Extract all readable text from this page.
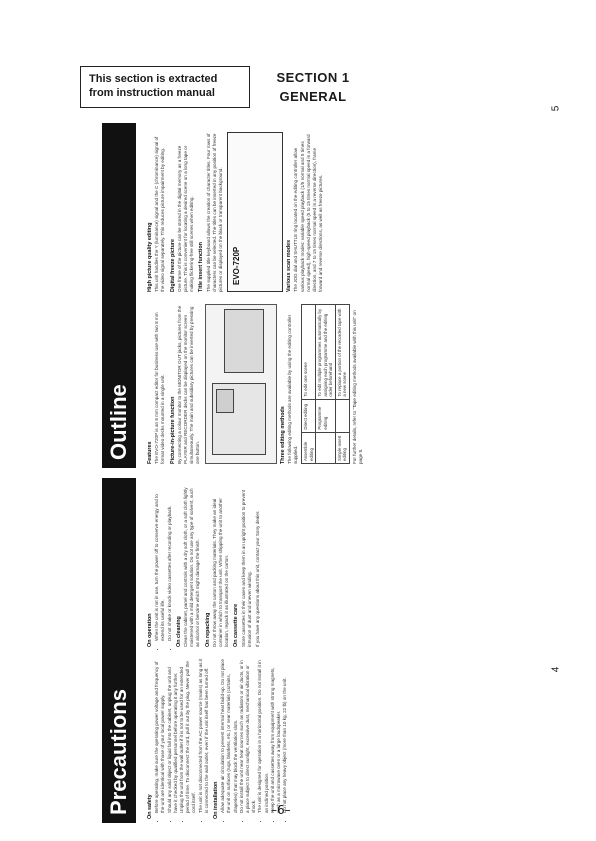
This section is extracted from instruction manual
SECTION 1
GENERAL
Precautions	On safety • Before operating, make sure the operating power voltage and frequency of the unit are identical with those of your local power supply. • Should any solid object or liquid fall into the cabinet, unplug the unit and have it checked by qualified personnel before operating it any further. • Unplug the unit from the wall outlet if it is not to be used for an extended period of time. To disconnect the cord, pull it out by the plug. Never pull the cord itself. • The unit is not disconnected from the AC power source (mains) as long as it is connected to the wall outlet, even if the unit itself has been turned off. On installation • Allow adequate air circulation to prevent internal heat build-up. Do not place the unit on surfaces (rugs, blankets, etc.) or near materials (curtains, draperies) that may block the ventilation slots. • Do not install the unit near heat sources such as radiators or air ducts, or in a place subject to direct sunlight, excessive dust, mechanical vibration or shock. • The unit is designed for operation in a horizontal position. Do not install it in an inclined position. • Keep the unit and cassettes away from equipment with strong magnets, such as a microwave oven or a large loudspeaker. • Do not place any heavy object (more than 10 kg, 22 lb) on the unit.
On operation • When the unit is not in use, turn the power off to conserve energy and to extend its useful life. • Do not shake or knock video cassettes after recording or playback. On cleaning Clean the cabinet, panel and controls with a dry soft cloth, or a soft cloth lightly moistened with a mild detergent solution. Do not use any type of solvent, such as alcohol or benzine which might damage the finish. On repacking Do not throw away the carton and packing materials. They make an ideal container in which to transport the unit. When shipping the unit to another location, repack it as illustrated on the carton. On cassette care Store cassettes in their cases and keep them in an upright position to prevent intrusion of dust and uneven winding. If you have any questions about this unit, contact your Sony dealer.

Outline	Features The EVO-720P is an 8 mm compact editor for business use with two 8 mm format video decks mounted in a single unit. Picture-in-picture function By connecting a colour monitor to the MONITOR OUT jacks, pictures from the PLAYER and RECORDER decks can be displayed on the monitor screen simultaneously. The main and subsidiary pictures can be inverted by pressing one button.	Three editing methods The following editing methods are available by using the editing controller supplied. Assemble editing	Direct editing	To edit one scene
	Programme editing	To edit multiple programmes automatically by assigning each programme and the editing order beforehand
Simple insert editing		To replace a portion of the recorded tape with a new scene For further details, refer to "Tape editing methods available with this unit" on page 8.

High picture quality editing This unit handles the Y (luminance) signal and the C (chrominance) signal of the video signal separately. This reduces picture impairment by editing. Digital freeze picture One frame of the picture can be stored in the digital memory as a freeze picture. This is convenient for locating a desired scene on a long tape or making flickering-free still scenes when editing. Title insert function The supplied title keyboard allows the creation of character titles. Four rows of characters can be selected. The titles can be inserted in any position of freeze pictures or displayed on the black or transparent background. EVO-720P	Various scan modes The JOG dial and SHUTTLE ring located on the editing controller allow various playback modes: variable speed playback (1/5 normal and 5 times normal speed), high-speed playback (5 to 15 times normal speed in a forward direction, and 7 to 15 times normal speed in a reverse direction), frame forward and reverse directions, as well as freeze pictures.

4
5
–6–
